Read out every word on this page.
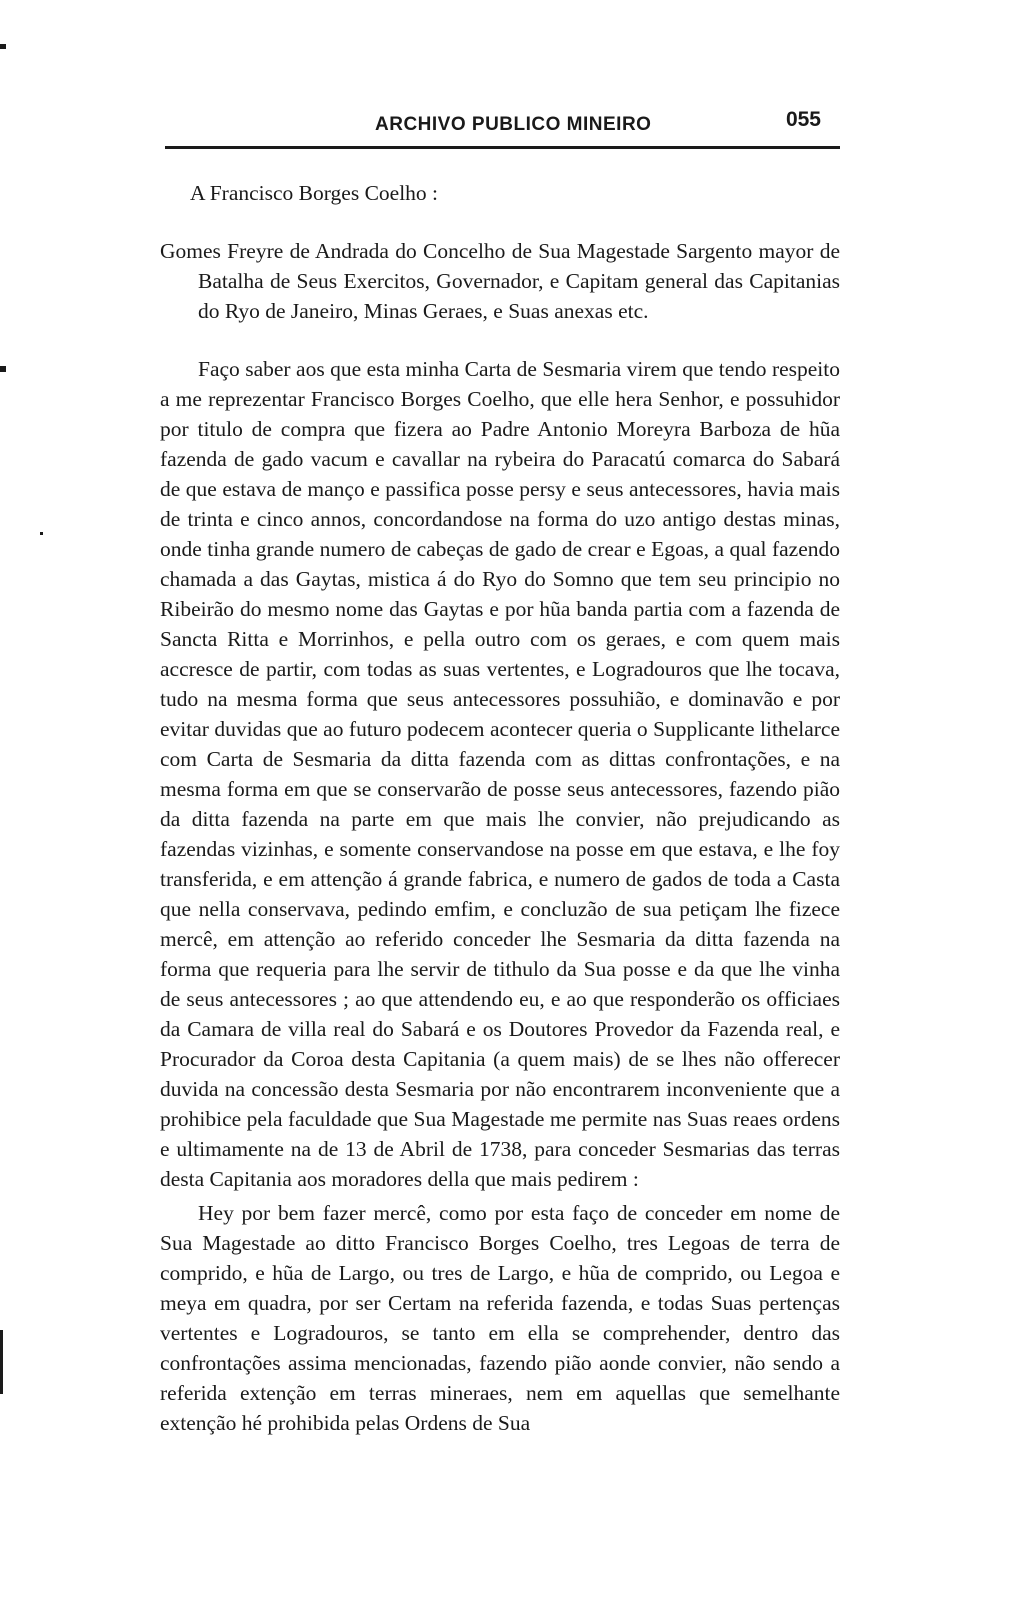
ARCHIVO PUBLICO MINEIRO	055

A Francisco Borges Coelho :

Gomes Freyre de Andrada do Concelho de Sua Magestade Sargento mayor de Batalha de Seus Exercitos, Governador, e Capitam general das Capitanias do Ryo de Janeiro, Minas Geraes, e Suas anexas etc.

Faço saber aos que esta minha Carta de Sesmaria virem que tendo respeito a me reprezentar Francisco Borges Coelho, que elle hera Senhor, e possuhidor por titulo de compra que fizera ao Padre Antonio Moreyra Barboza de hũa fazenda de gado vacum e cavallar na rybeira do Paracatú comarca do Sabará de que estava de manço e passifica posse persy e seus antecessores, havia mais de trinta e cinco annos, concordandose na forma do uzo antigo destas minas, onde tinha grande numero de cabeças de gado de crear e Egoas, a qual fazendo chamada a das Gaytas, mistica á do Ryo do Somno que tem seu principio no Ribeirão do mesmo nome das Gaytas e por hũa banda partia com a fazenda de Sancta Ritta e Morrinhos, e pella outro com os geraes, e com quem mais accresce de partir, com todas as suas vertentes, e Logradouros que lhe tocava, tudo na mesma forma que seus antecessores possuhião, e dominavão e por evitar duvidas que ao futuro podecem acontecer queria o Supplicante lithelarce com Carta de Sesmaria da ditta fazenda com as dittas confrontações, e na mesma forma em que se conservarão de posse seus antecessores, fazendo pião da ditta fazenda na parte em que mais lhe convier, não prejudicando as fazendas vizinhas, e somente conservandose na posse em que estava, e lhe foy transferida, e em attenção á grande fabrica, e numero de gados de toda a Casta que nella conservava, pedindo emfim, e concluzão de sua petiçam lhe fizece mercê, em attenção ao referido conceder lhe Sesmaria da ditta fazenda na forma que requeria para lhe servir de tithulo da Sua posse e da que lhe vinha de seus antecessores ; ao que attendendo eu, e ao que responderão os officiaes da Camara de villa real do Sabará e os Doutores Provedor da Fazenda real, e Procurador da Coroa desta Capitania (a quem mais) de se lhes não offerecer duvida na concessão desta Sesmaria por não encontrarem inconveniente que a prohibice pela faculdade que Sua Magestade me permite nas Suas reaes ordens e ultimamente na de 13 de Abril de 1738, para conceder Sesmarias das terras desta Capitania aos moradores della que mais pedirem :

Hey por bem fazer mercê, como por esta faço de conceder em nome de Sua Magestade ao ditto Francisco Borges Coelho, tres Legoas de terra de comprido, e hũa de Largo, ou tres de Largo, e hũa de comprido, ou Legoa e meya em quadra, por ser Certam na referida fazenda, e todas Suas pertenças vertentes e Logradouros, se tanto em ella se comprehender, dentro das confrontações assima mencionadas, fazendo pião aonde convier, não sendo a referida extenção em terras mineraes, nem em aquellas que semelhante extenção hé prohibida pelas Ordens de Sua
